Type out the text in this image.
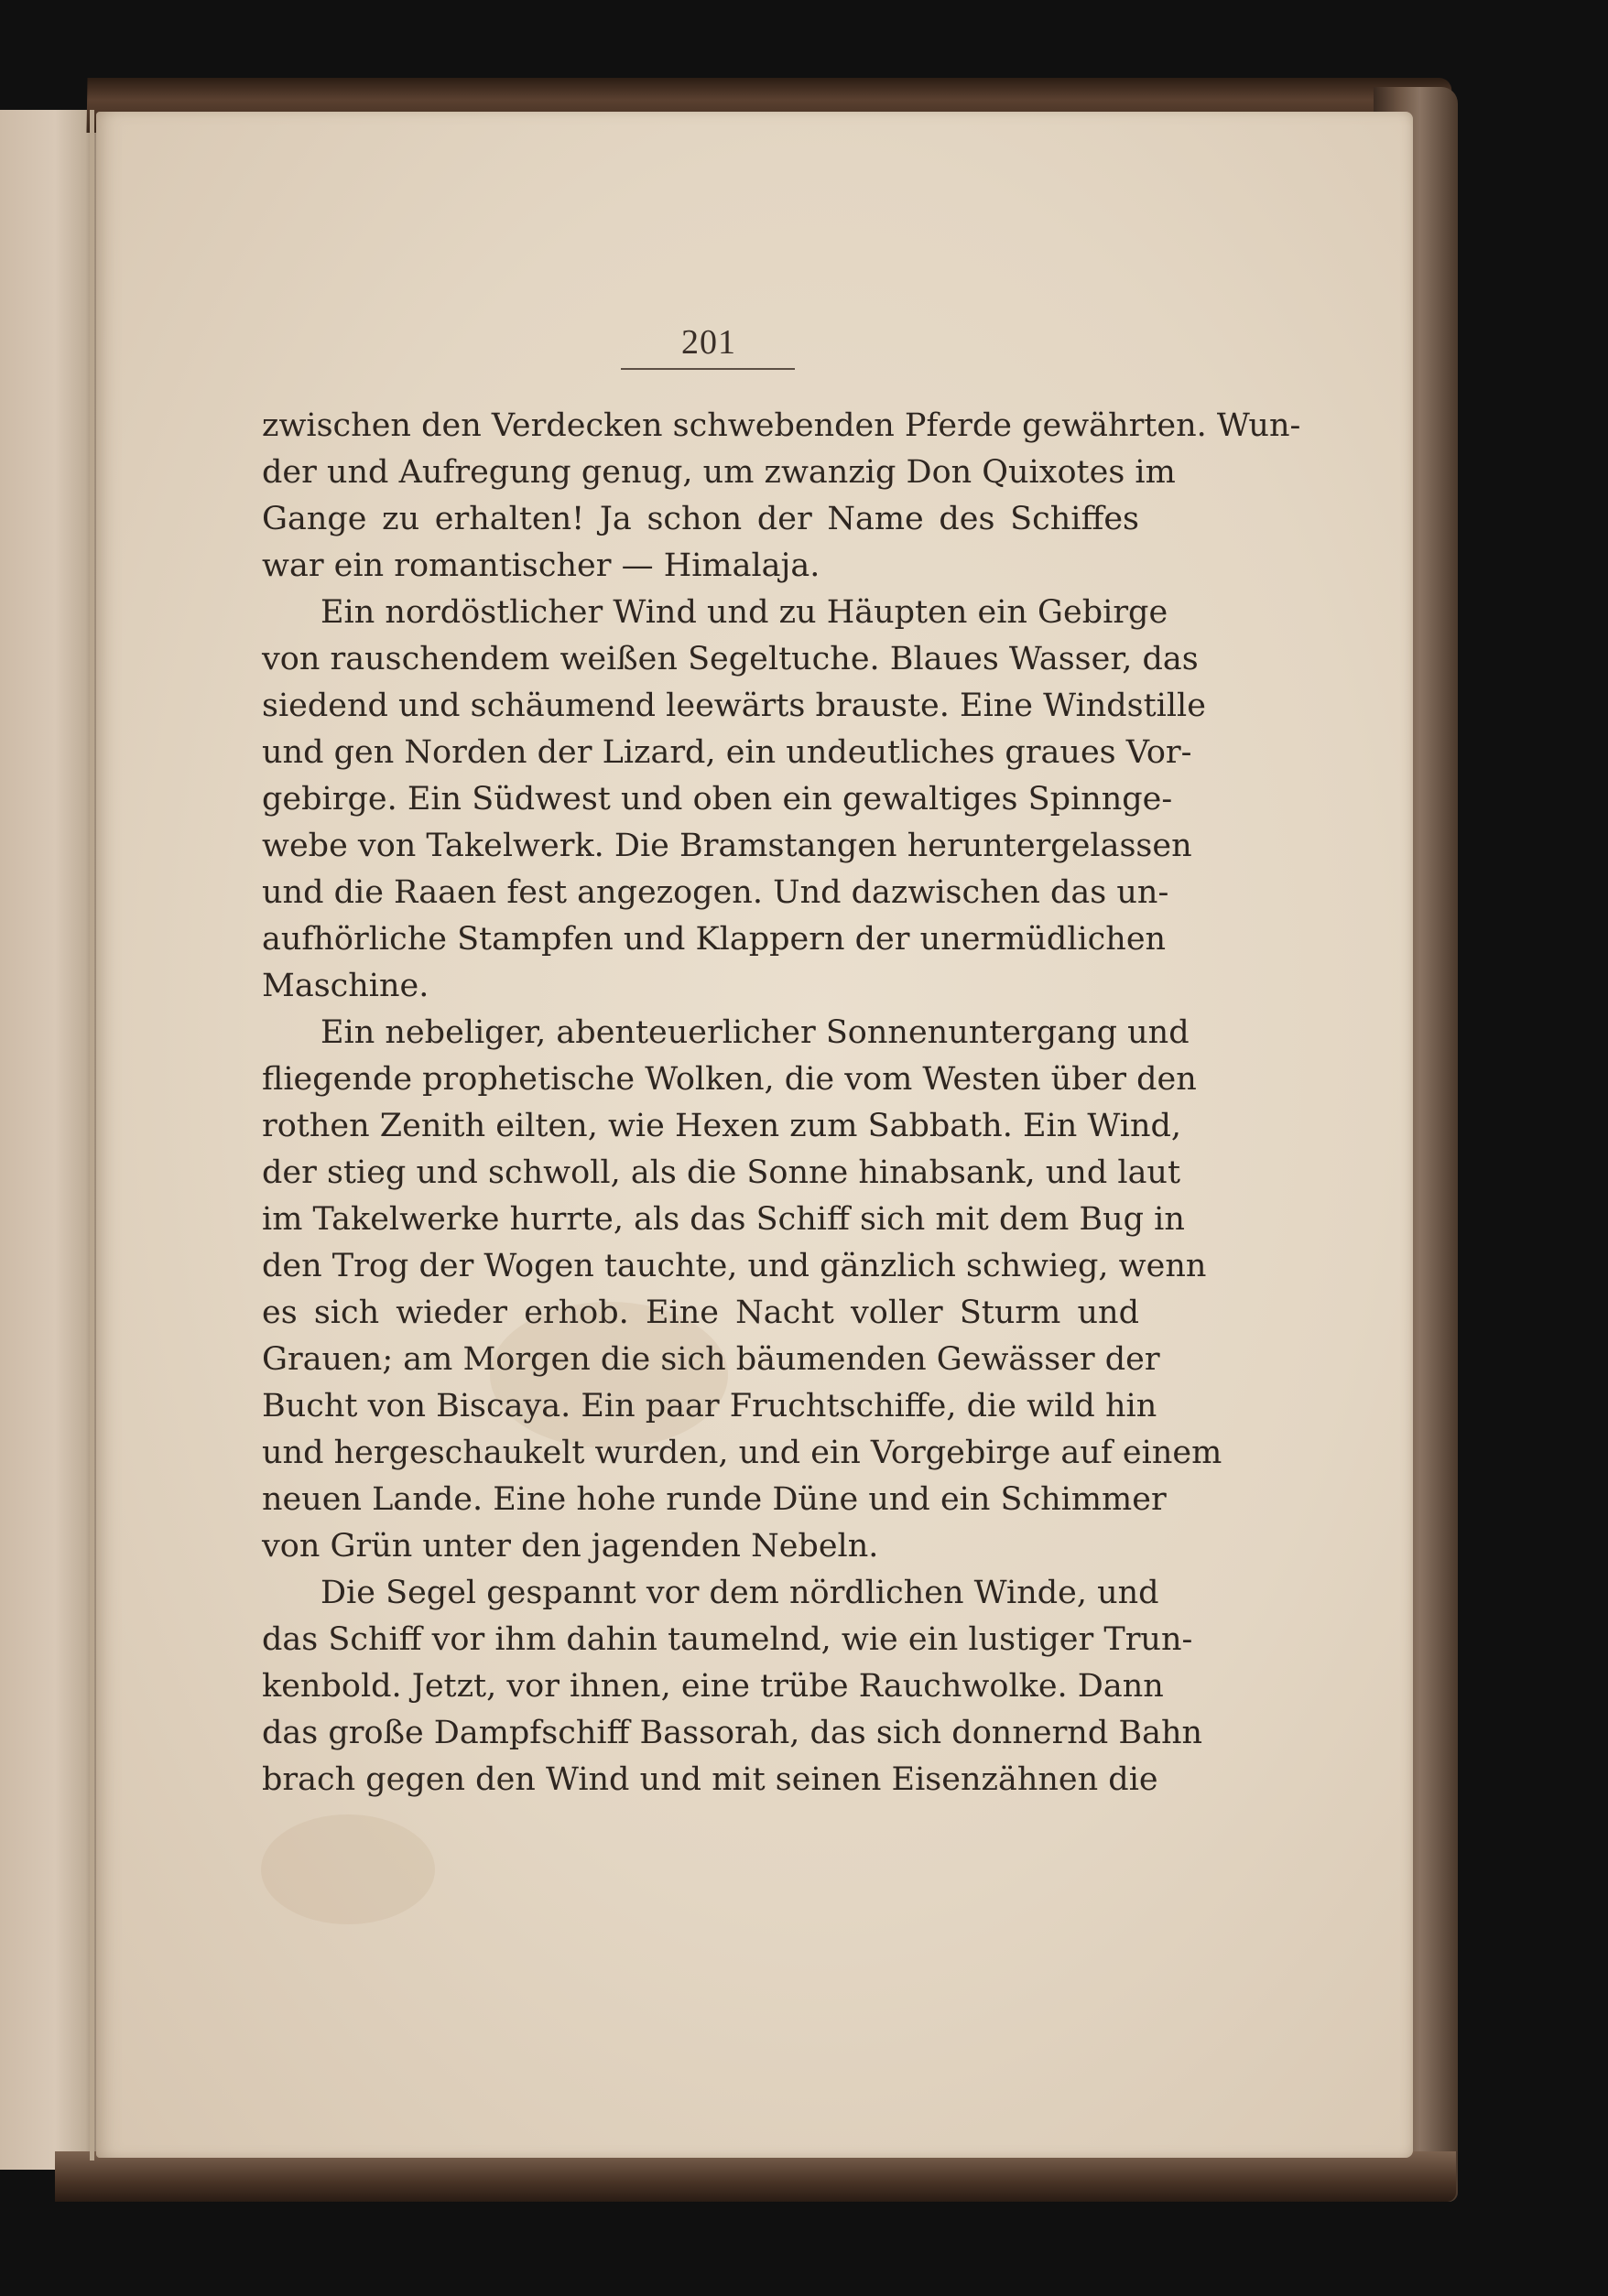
201
zwischen den Verdecken schwebenden Pferde gewährten. Wun-
der und Aufregung genug, um zwanzig Don Quixotes im
Gange zu erhalten! Ja schon der Name des Schiffes
war ein romantischer — Himalaja.
Ein nordöstlicher Wind und zu Häupten ein Gebirge
von rauschendem weißen Segeltuche. Blaues Wasser, das
siedend und schäumend leewärts brauste. Eine Windstille
und gen Norden der Lizard, ein undeutliches graues Vor-
gebirge. Ein Südwest und oben ein gewaltiges Spinnge-
webe von Takelwerk. Die Bramstangen heruntergelassen
und die Raaen fest angezogen. Und dazwischen das un-
aufhörliche Stampfen und Klappern der unermüdlichen
Maschine.
Ein nebeliger, abenteuerlicher Sonnenuntergang und
fliegende prophetische Wolken, die vom Westen über den
rothen Zenith eilten, wie Hexen zum Sabbath. Ein Wind,
der stieg und schwoll, als die Sonne hinabsank, und laut
im Takelwerke hurrte, als das Schiff sich mit dem Bug in
den Trog der Wogen tauchte, und gänzlich schwieg, wenn
es sich wieder erhob. Eine Nacht voller Sturm und
Grauen; am Morgen die sich bäumenden Gewässer der
Bucht von Biscaya. Ein paar Fruchtschiffe, die wild hin
und hergeschaukelt wurden, und ein Vorgebirge auf einem
neuen Lande. Eine hohe runde Düne und ein Schimmer
von Grün unter den jagenden Nebeln.
Die Segel gespannt vor dem nördlichen Winde, und
das Schiff vor ihm dahin taumelnd, wie ein lustiger Trun-
kenbold. Jetzt, vor ihnen, eine trübe Rauchwolke. Dann
das große Dampfschiff Bassorah, das sich donnernd Bahn
brach gegen den Wind und mit seinen Eisenzähnen die
